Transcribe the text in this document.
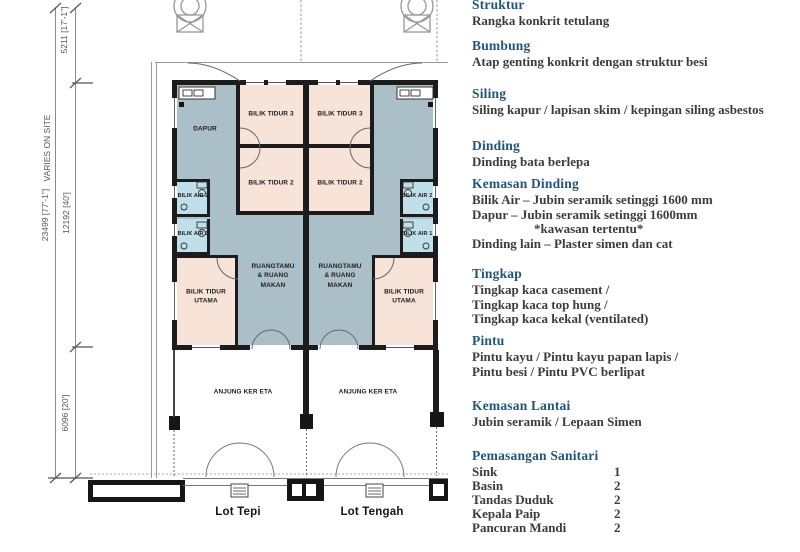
5211 [17'-1"]
VARIES ON SITE
23499 [77'-1"] 12192 [40']
6096 [20']
DAPUR
BILIK TIDUR 3
BILIK TIDUR 2
BILIK AIR 2
BILIK AIR 1
BILIK TIDUR UTAMA
RUANGTAMU & RUANG MAKAN
ANJUNG KER ETA
BILIK TIDUR 3
BILIK TIDUR 2
BILIK AIR 2
BILIK AIR 1
BILIK TIDUR UTAMA
RUANGTAMU & RUANG MAKAN
ANJUNG KER ETA
Lot Tepi	Lot Tengah
Struktur
Rangka konkrit tetulang
Bumbung
Atap genting konkrit dengan struktur besi
Siling
Siling kapur / lapisan skim / kepingan siling asbestos
Dinding
Dinding bata berlepa
Kemasan Dinding
Bilik Air – Jubin seramik setinggi 1600 mm
Dapur – Jubin seramik setinggi 1600mm
*kawasan tertentu*
Dinding lain – Plaster simen dan cat
Tingkap
Tingkap kaca casement /
Tingkap kaca top hung /
Tingkap kaca kekal (ventilated)
Pintu
Pintu kayu / Pintu kayu papan lapis /
Pintu besi / Pintu PVC berlipat
Kemasan Lantai
Jubin seramik / Lepaan Simen
Pemasangan Sanitari
Sink	1
Basin	2
Tandas Duduk	2
Kepala Paip	2
Pancuran Mandi	2
